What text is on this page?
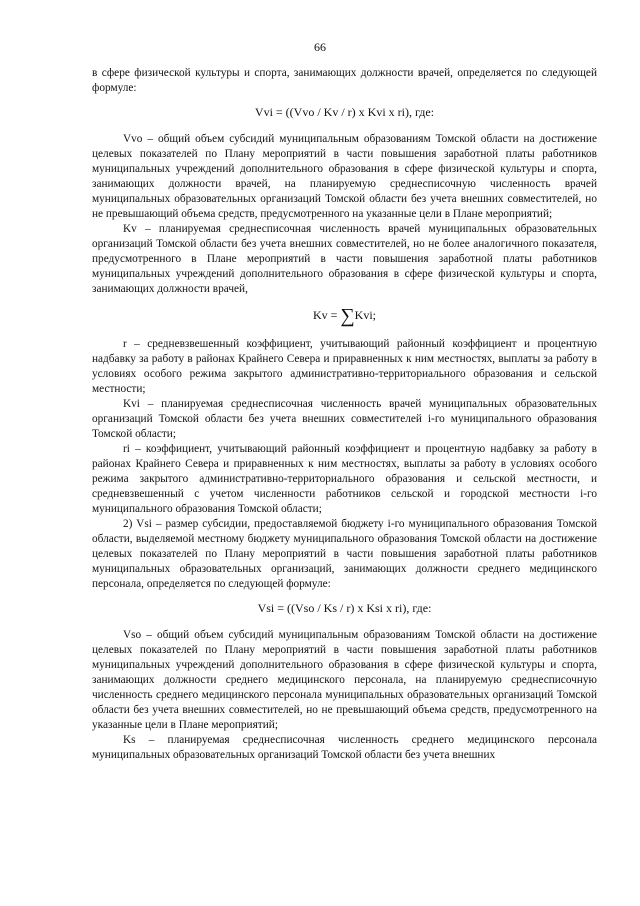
66

в сфере физической культуры и спорта, занимающих должности врачей, определяется по следующей формуле:

Vvi = ((Vvo / Kv / r) x Kvi x ri), где:

Vvo – общий объем субсидий муниципальным образованиям Томской области на достижение целевых показателей по Плану мероприятий в части повышения заработной платы работников муниципальных учреждений дополнительного образования в сфере физической культуры и спорта, занимающих должности врачей, на планируемую среднесписочную численность врачей муниципальных образовательных организаций Томской области без учета внешних совместителей, но не превышающий объема средств, предусмотренного на указанные цели в Плане мероприятий;

Kv – планируемая среднесписочная численность врачей муниципальных образовательных организаций Томской области без учета внешних совместителей, но не более аналогичного показателя, предусмотренного в Плане мероприятий в части повышения заработной платы работников муниципальных учреждений дополнительного образования в сфере физической культуры и спорта, занимающих должности врачей,

Kv = ∑Kvi;

r – средневзвешенный коэффициент, учитывающий районный коэффициент и процентную надбавку за работу в районах Крайнего Севера и приравненных к ним местностях, выплаты за работу в условиях особого режима закрытого административно-территориального образования и сельской местности;

Kvi – планируемая среднесписочная численность врачей муниципальных образовательных организаций Томской области без учета внешних совместителей i-го муниципального образования Томской области;

ri – коэффициент, учитывающий районный коэффициент и процентную надбавку за работу в районах Крайнего Севера и приравненных к ним местностях, выплаты за работу в условиях особого режима закрытого административно-территориального образования и сельской местности, и средневзвешенный с учетом численности работников сельской и городской местности i-го муниципального образования Томской области;

2) Vsi – размер субсидии, предоставляемой бюджету i-го муниципального образования Томской области, выделяемой местному бюджету муниципального образования Томской области на достижение целевых показателей по Плану мероприятий в части повышения заработной платы работников муниципальных образовательных организаций, занимающих должности среднего медицинского персонала, определяется по следующей формуле:

Vsi = ((Vso / Ks / r) x Ksi x ri), где:

Vso – общий объем субсидий муниципальным образованиям Томской области на достижение целевых показателей по Плану мероприятий в части повышения заработной платы работников муниципальных учреждений дополнительного образования в сфере физической культуры и спорта, занимающих должности среднего медицинского персонала, на планируемую среднесписочную численность среднего медицинского персонала муниципальных образовательных организаций Томской области без учета внешних совместителей, но не превышающий объема средств, предусмотренного на указанные цели в Плане мероприятий;

Ks – планируемая среднесписочная численность среднего медицинского персонала муниципальных образовательных организаций Томской области без учета внешних
